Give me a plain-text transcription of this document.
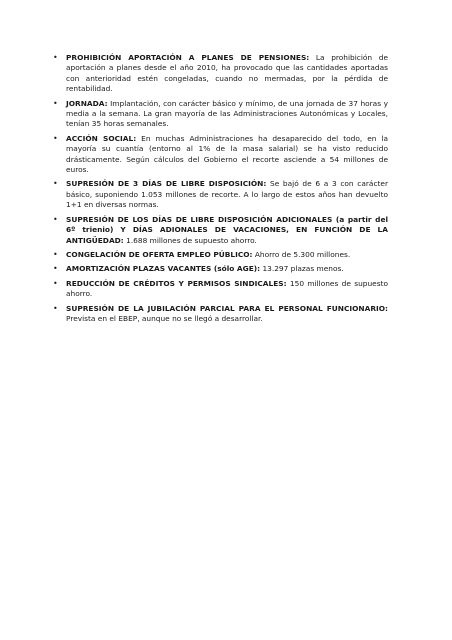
• PROHIBICIÓN APORTACIÓN A PLANES DE PENSIONES: La prohibición de aportación a planes desde el año 2010, ha provocado que las cantidades aportadas con anterioridad estén congeladas, cuando no mermadas, por la pérdida de rentabilidad.
• JORNADA: Implantación, con carácter básico y mínimo, de una jornada de 37 horas y media a la semana. La gran mayoría de las Administraciones Autonómicas y Locales, tenían 35 horas semanales.
• ACCIÓN SOCIAL: En muchas Administraciones ha desaparecido del todo, en la mayoría su cuantía (entorno al 1% de la masa salarial) se ha visto reducido drásticamente. Según cálculos del Gobierno el recorte asciende a 54 millones de euros.
• SUPRESIÓN DE 3 DÍAS DE LIBRE DISPOSICIÓN: Se bajó de 6 a 3 con carácter básico, suponiendo 1.053 millones de recorte. A lo largo de estos años han devuelto 1+1 en diversas normas.
• SUPRESIÓN DE LOS DÍAS DE LIBRE DISPOSICIÓN ADICIONALES (a partir del 6º trienio) Y DÍAS ADIONALES DE VACACIONES, EN FUNCIÓN DE LA ANTIGÜEDAD: 1.688 millones de supuesto ahorro.
• CONGELACIÓN DE OFERTA EMPLEO PÚBLICO: Ahorro de 5.300 millones.
• AMORTIZACIÓN PLAZAS VACANTES (sólo AGE): 13.297 plazas menos.
• REDUCCIÓN DE CRÉDITOS Y PERMISOS SINDICALES: 150 millones de supuesto ahorro.
• SUPRESIÓN DE LA JUBILACIÓN PARCIAL PARA EL PERSONAL FUNCIONARIO: Prevista en el EBEP, aunque no se llegó a desarrollar.
